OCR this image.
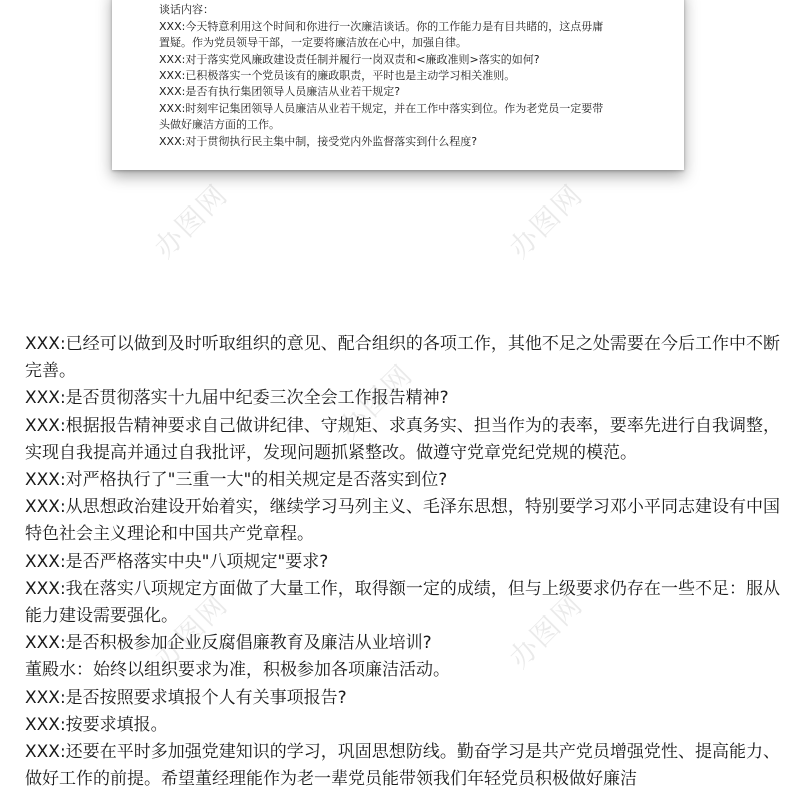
谈话内容：
XXX:今天特意利用这个时间和你进行一次廉洁谈话。你的工作能力是有目共睹的，这点毋庸
置疑。作为党员领导干部，一定要将廉洁放在心中，加强自律。
XXX:对于落实党风廉政建设责任制并履行一岗双责和<廉政准则>落实的如何?
XXX:已积极落实一个党员该有的廉政职责，平时也是主动学习相关准则。
XXX:是否有执行集团领导人员廉洁从业若干规定?
XXX:时刻牢记集团领导人员廉洁从业若干规定，并在工作中落实到位。作为老党员一定要带
头做好廉洁方面的工作。
XXX:对于贯彻执行民主集中制，接受党内外监督落实到什么程度?
办图网	办图网
办图网
办图网
办图网

XXX:已经可以做到及时听取组织的意见、配合组织的各项工作，其他不足之处需要在今后工作中不断完善。

XXX:是否贯彻落实十九届中纪委三次全会工作报告精神?

XXX:根据报告精神要求自己做讲纪律、守规矩、求真务实、担当作为的表率，要率先进行自我调整，实现自我提高并通过自我批评，发现问题抓紧整改。做遵守党章党纪党规的模范。

XXX:对严格执行了"三重一大"的相关规定是否落实到位?

XXX:从思想政治建设开始着实，继续学习马列主义、毛泽东思想，特别要学习邓小平同志建设有中国特色社会主义理论和中国共产党章程。

XXX:是否严格落实中央"八项规定"要求?

XXX:我在落实八项规定方面做了大量工作，取得额一定的成绩，但与上级要求仍存在一些不足：服从能力建设需要强化。

XXX:是否积极参加企业反腐倡廉教育及廉洁从业培训?

董殿水：始终以组织要求为准，积极参加各项廉洁活动。

XXX:是否按照要求填报个人有关事项报告?

XXX:按要求填报。

XXX:还要在平时多加强党建知识的学习，巩固思想防线。勤奋学习是共产党员增强党性、提高能力、做好工作的前提。希望董经理能作为老一辈党员能带领我们年轻党员积极做好廉洁
